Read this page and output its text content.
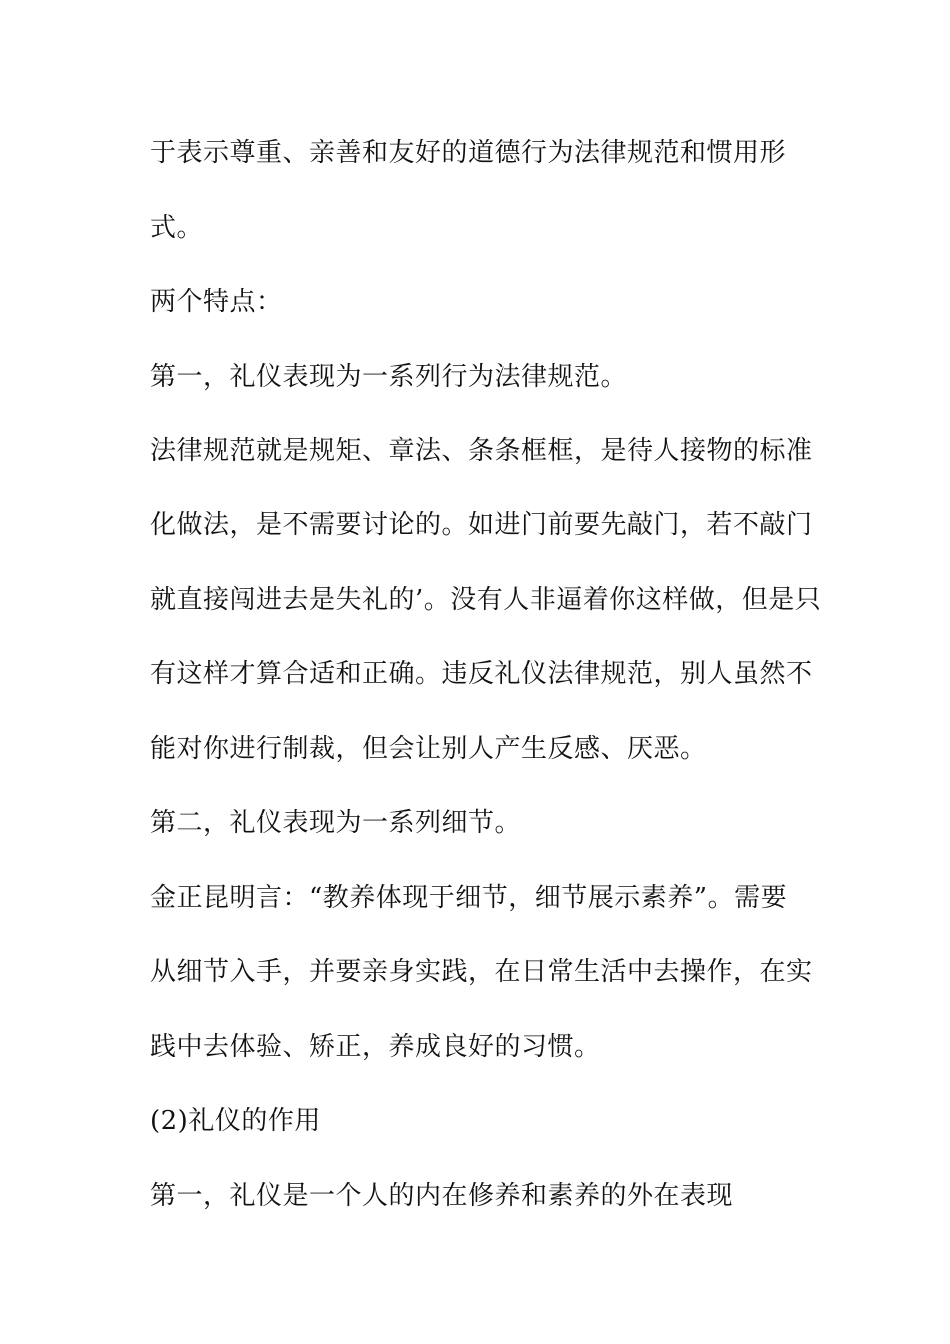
于表示尊重、亲善和友好的道德行为法律规范和惯用形
式。
两个特点：
第一，礼仪表现为一系列行为法律规范。
法律规范就是规矩、章法、条条框框，是待人接物的标准
化做法，是不需要讨论的。如进门前要先敲门，若不敲门
就直接闯进去是失礼的’。没有人非逼着你这样做，但是只
有这样才算合适和正确。违反礼仪法律规范，别人虽然不
能对你进行制裁，但会让别人产生反感、厌恶。
第二，礼仪表现为一系列细节。
金正昆明言：“教养体现于细节，细节展示素养”。需要
从细节入手，并要亲身实践，在日常生活中去操作，在实
践中去体验、矫正，养成良好的习惯。
(2)礼仪的作用
第一，礼仪是一个人的内在修养和素养的外在表现
